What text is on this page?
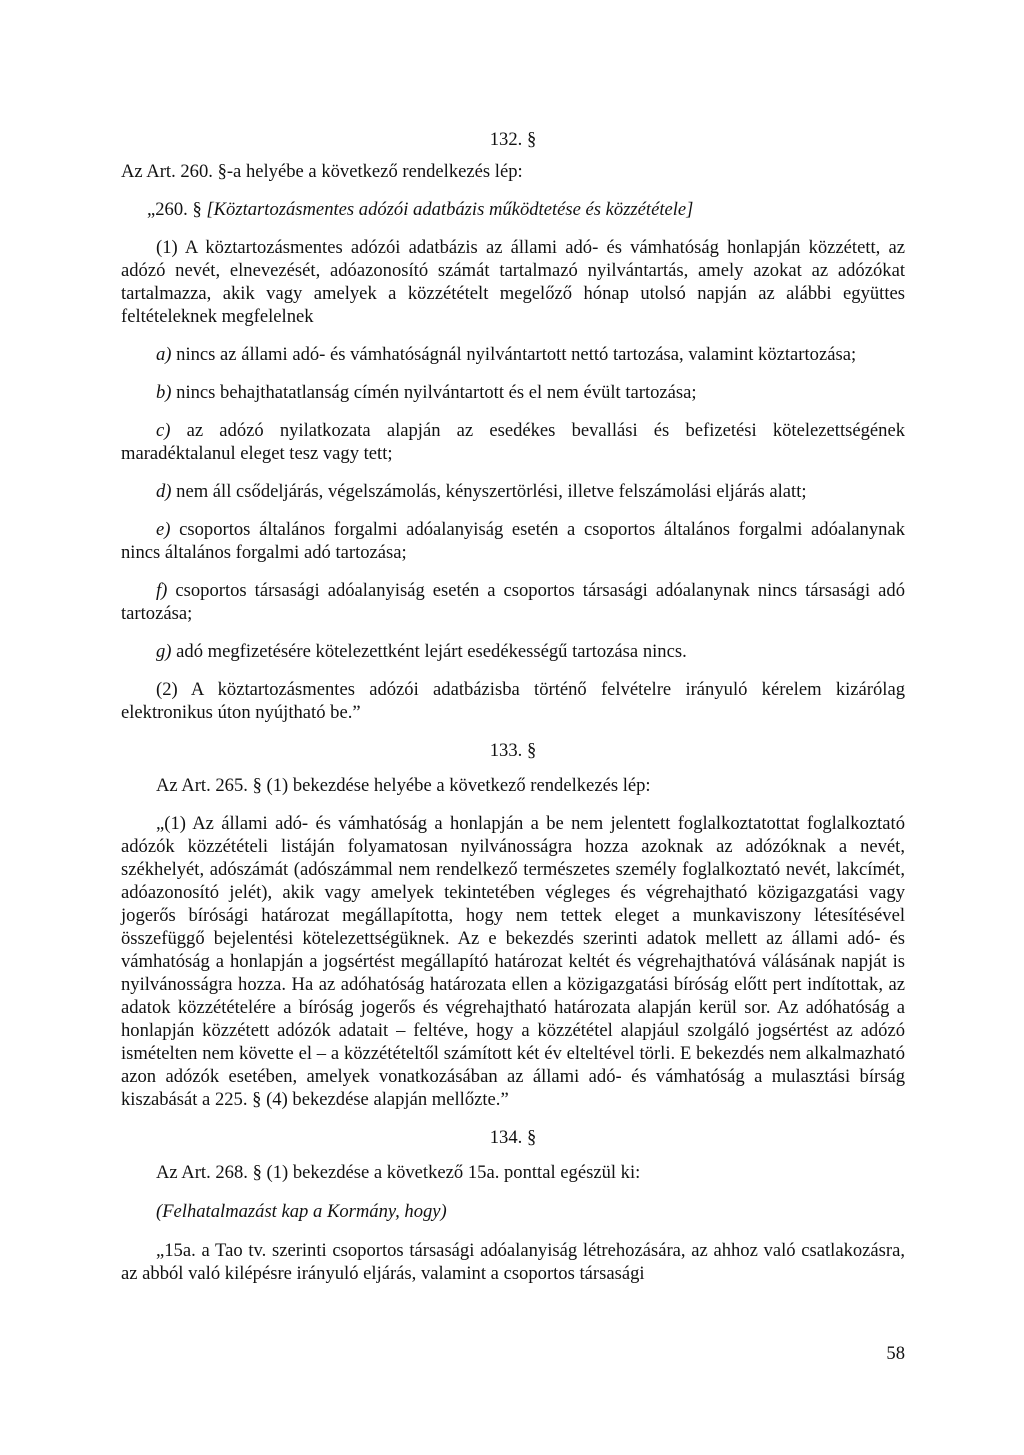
132. §

Az Art. 260. §-a helyébe a következő rendelkezés lép:

„260. § [Köztartozásmentes adózói adatbázis működtetése és közzététele]

(1) A köztartozásmentes adózói adatbázis az állami adó- és vámhatóság honlapján közzétett, az adózó nevét, elnevezését, adóazonosító számát tartalmazó nyilvántartás, amely azokat az adózókat tartalmazza, akik vagy amelyek a közzétételt megelőző hónap utolsó napján az alábbi együttes feltételeknek megfelelnek

a) nincs az állami adó- és vámhatóságnál nyilvántartott nettó tartozása, valamint köztartozása;

b) nincs behajthatatlanság címén nyilvántartott és el nem évült tartozása;

c) az adózó nyilatkozata alapján az esedékes bevallási és befizetési kötelezettségének maradéktalanul eleget tesz vagy tett;

d) nem áll csődeljárás, végelszámolás, kényszertörlési, illetve felszámolási eljárás alatt;

e) csoportos általános forgalmi adóalanyiság esetén a csoportos általános forgalmi adóalanynak nincs általános forgalmi adó tartozása;

f) csoportos társasági adóalanyiság esetén a csoportos társasági adóalanynak nincs társasági adó tartozása;

g) adó megfizetésére kötelezettként lejárt esedékességű tartozása nincs.

(2) A köztartozásmentes adózói adatbázisba történő felvételre irányuló kérelem kizárólag elektronikus úton nyújtható be.”

133. §

Az Art. 265. § (1) bekezdése helyébe a következő rendelkezés lép:

„(1) Az állami adó- és vámhatóság a honlapján a be nem jelentett foglalkoztatottat foglalkoztató adózók közzétételi listáján folyamatosan nyilvánosságra hozza azoknak az adózóknak a nevét, székhelyét, adószámát (adószámmal nem rendelkező természetes személy foglalkoztató nevét, lakcímét, adóazonosító jelét), akik vagy amelyek tekintetében végleges és végrehajtható közigazgatási vagy jogerős bírósági határozat megállapította, hogy nem tettek eleget a munkaviszony létesítésével összefüggő bejelentési kötelezettségüknek. Az e bekezdés szerinti adatok mellett az állami adó- és vámhatóság a honlapján a jogsértést megállapító határozat keltét és végrehajthatóvá válásának napját is nyilvánosságra hozza. Ha az adóhatóság határozata ellen a közigazgatási bíróság előtt pert indítottak, az adatok közzétételére a bíróság jogerős és végrehajtható határozata alapján kerül sor. Az adóhatóság a honlapján közzétett adózók adatait – feltéve, hogy a közzététel alapjául szolgáló jogsértést az adózó ismételten nem követte el – a közzétételtől számított két év elteltével törli. E bekezdés nem alkalmazható azon adózók esetében, amelyek vonatkozásában az állami adó- és vámhatóság a mulasztási bírság kiszabását a 225. § (4) bekezdése alapján mellőzte.”

134. §

Az Art. 268. § (1) bekezdése a következő 15a. ponttal egészül ki:

(Felhatalmazást kap a Kormány, hogy)

„15a. a Tao tv. szerinti csoportos társasági adóalanyiság létrehozására, az ahhoz való csatlakozásra, az abból való kilépésre irányuló eljárás, valamint a csoportos társasági

58
